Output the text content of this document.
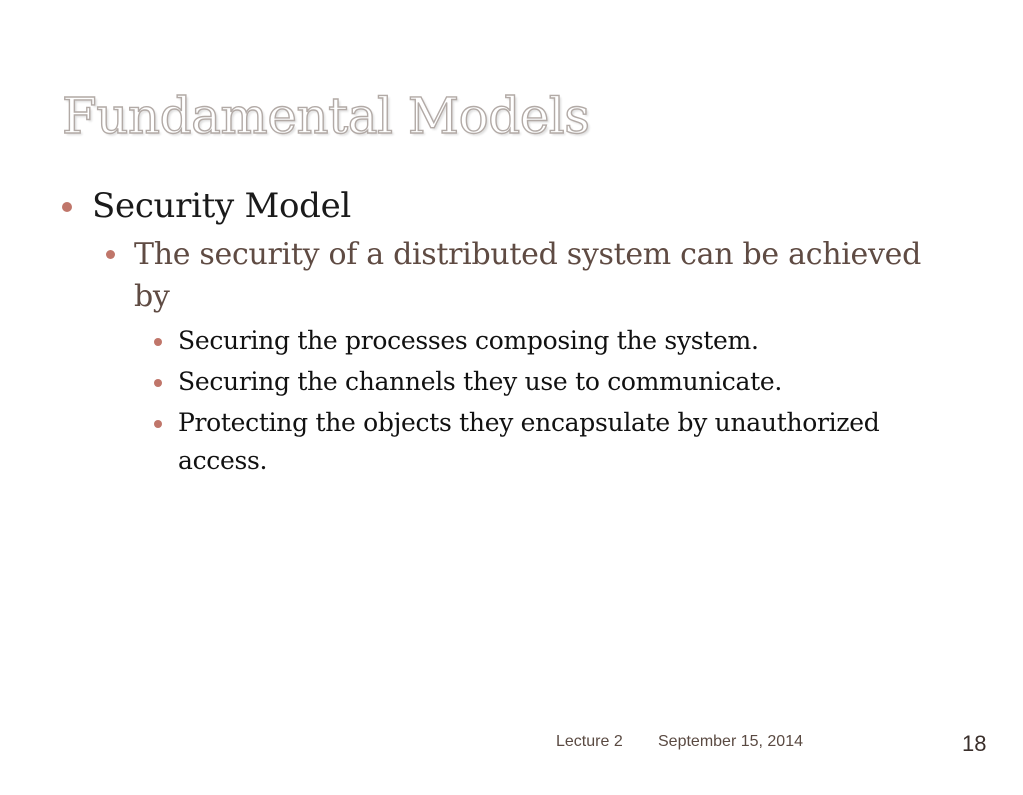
Fundamental Models
Security Model
The security of a distributed system can be achieved by
Securing the processes composing the system.
Securing the channels they use to communicate.
Protecting the objects they encapsulate by unauthorized access.
Lecture 2 September 15, 2014	18
